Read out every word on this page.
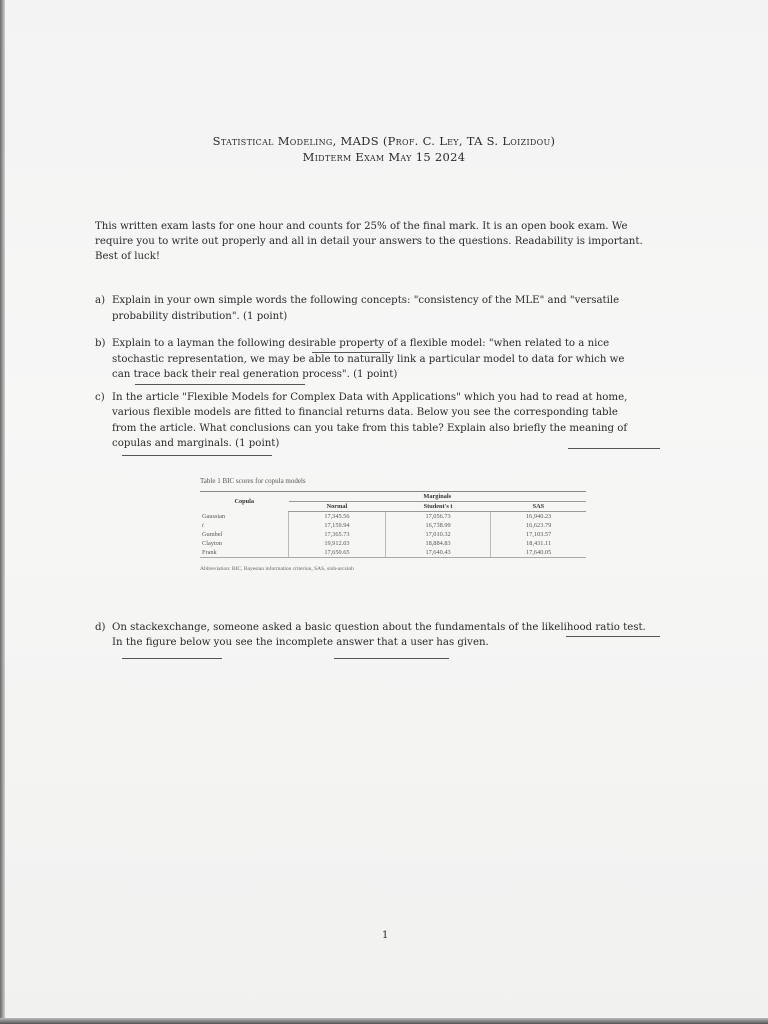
Statistical Modeling, MADS (Prof. C. Ley, TA S. Loizidou)
Midterm Exam May 15 2024
This written exam lasts for one hour and counts for 25% of the final mark. It is an open book exam. We
require you to write out properly and all in detail your answers to the questions. Readability is important.
Best of luck!
a) Explain in your own simple words the following concepts: "consistency of the MLE" and "versatile
probability distribution". (1 point)
b) Explain to a layman the following desirable property of a flexible model: "when related to a nice
stochastic representation, we may be able to naturally link a particular model to data for which we
can trace back their real generation process". (1 point)
c) In the article "Flexible Models for Complex Data with Applications" which you had to read at home,
various flexible models are fitted to financial returns data. Below you see the corresponding table
from the article. What conclusions can you take from this table? Explain also briefly the meaning of
copulas and marginals. (1 point)
Table 1 BIC scores for copula models
Copula	Marginals		
	Normal	Student's t	SAS
Gaussian	17,345.56	17,056.73	16,940.23
t	17,159.94	16,738.99	16,623.79
Gumbel	17,365.73	17,010.32	17,103.57
Clayton	19,912.03	18,884.83	18,431.11
Frank	17,650.65	17,640.43	17,640.05
Abbreviation: BIC, Bayesian information criterion, SAS, sinh-arcsinh
d) On stackexchange, someone asked a basic question about the fundamentals of the likelihood ratio test.
In the figure below you see the incomplete answer that a user has given.
1
